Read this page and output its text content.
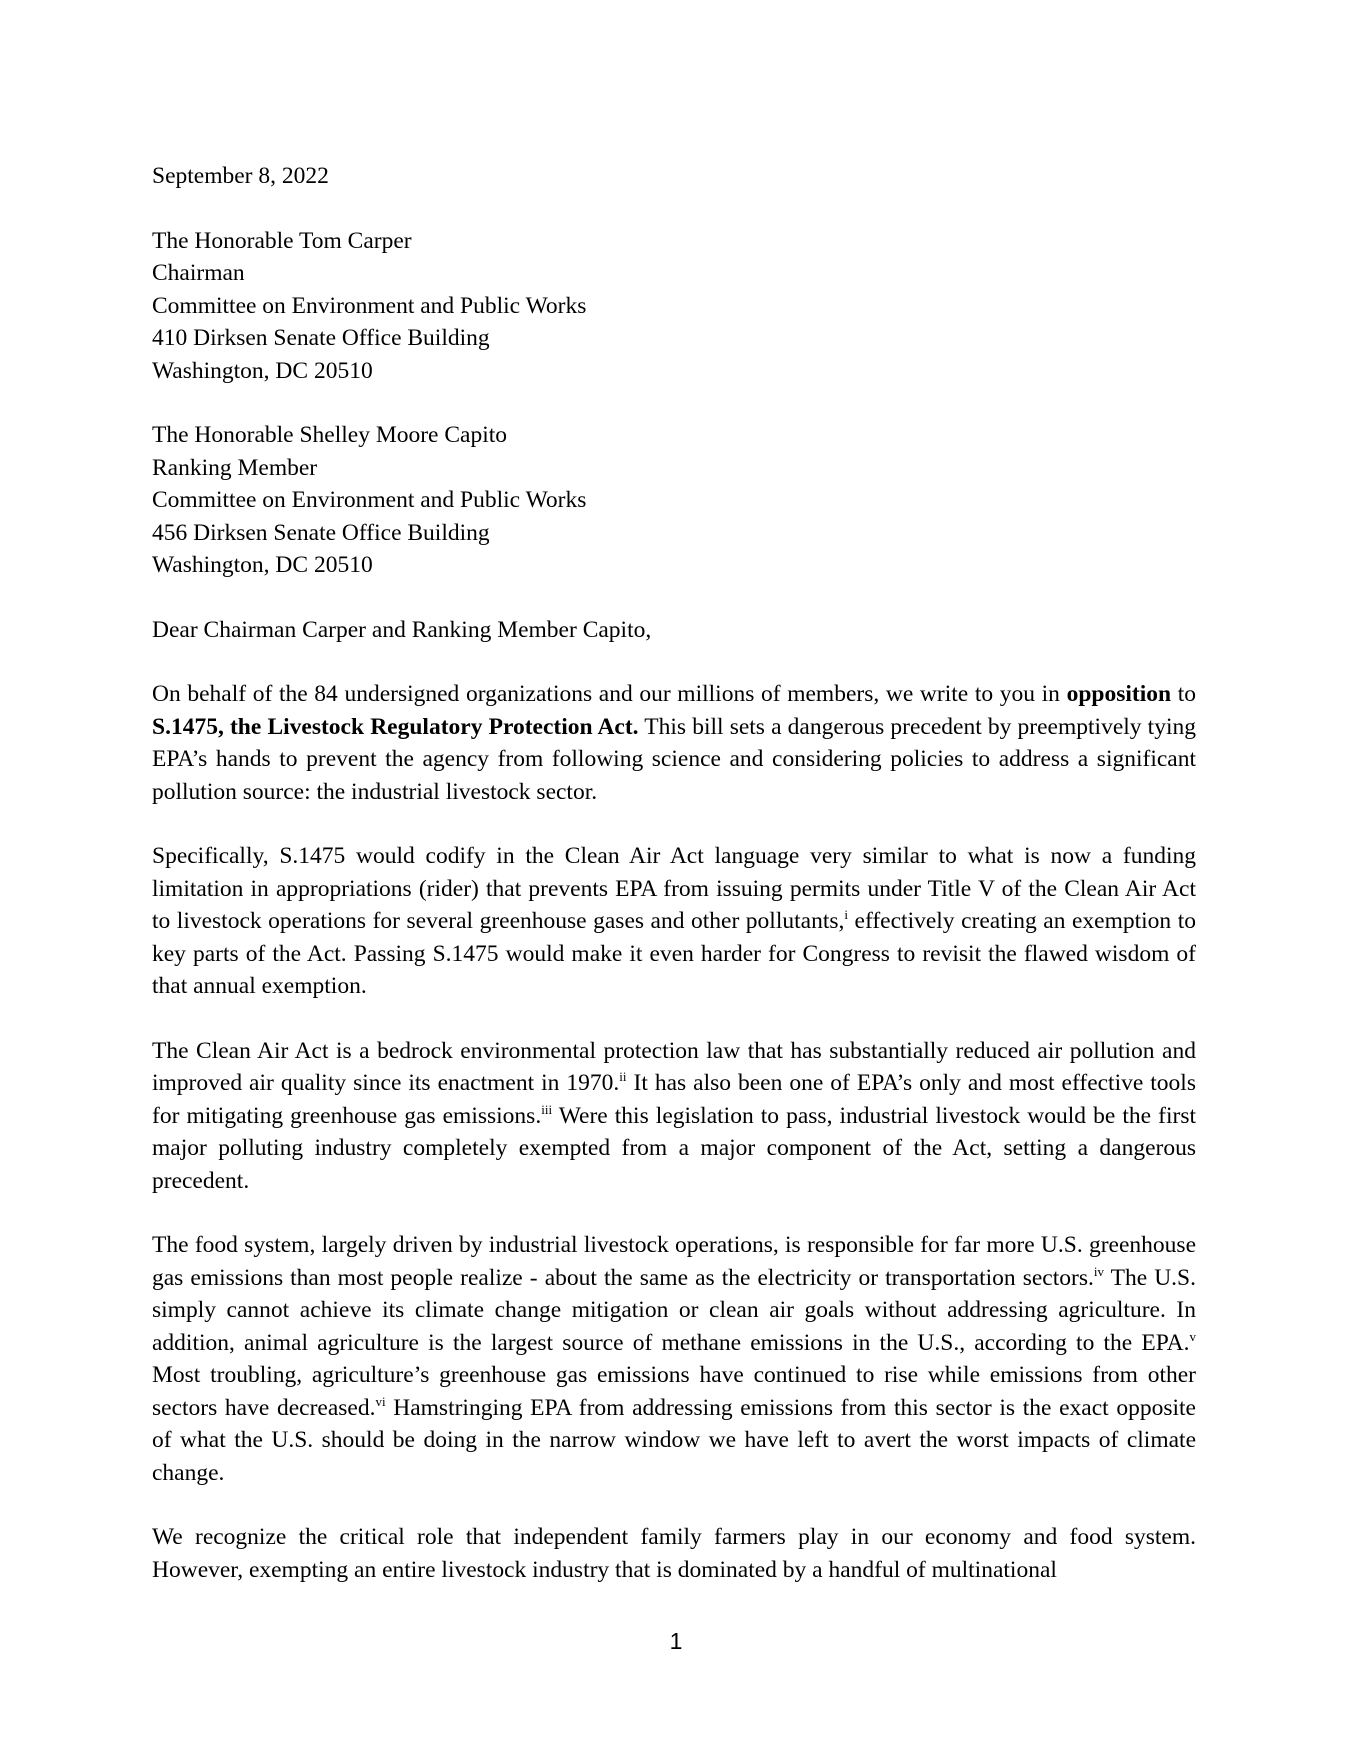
September 8, 2022
The Honorable Tom Carper
Chairman
Committee on Environment and Public Works
410 Dirksen Senate Office Building
Washington, DC 20510
The Honorable Shelley Moore Capito
Ranking Member
Committee on Environment and Public Works
456 Dirksen Senate Office Building
Washington, DC 20510
Dear Chairman Carper and Ranking Member Capito,

On behalf of the 84 undersigned organizations and our millions of members, we write to you in opposition to S.1475, the Livestock Regulatory Protection Act. This bill sets a dangerous precedent by preemptively tying EPA’s hands to prevent the agency from following science and considering policies to address a significant pollution source: the industrial livestock sector.

Specifically, S.1475 would codify in the Clean Air Act language very similar to what is now a funding limitation in appropriations (rider) that prevents EPA from issuing permits under Title V of the Clean Air Act to livestock operations for several greenhouse gases and other pollutants,$^i$ effectively creating an exemption to key parts of the Act. Passing S.1475 would make it even harder for Congress to revisit the flawed wisdom of that annual exemption.

The Clean Air Act is a bedrock environmental protection law that has substantially reduced air pollution and improved air quality since its enactment in 1970.$^{ii}$ It has also been one of EPA’s only and most effective tools for mitigating greenhouse gas emissions.$^{iii}$ Were this legislation to pass, industrial livestock would be the first major polluting industry completely exempted from a major component of the Act, setting a dangerous precedent.

The food system, largely driven by industrial livestock operations, is responsible for far more U.S. greenhouse gas emissions than most people realize - about the same as the electricity or transportation sectors.$^{iv}$ The U.S. simply cannot achieve its climate change mitigation or clean air goals without addressing agriculture. In addition, animal agriculture is the largest source of methane emissions in the U.S., according to the EPA.$^v$ Most troubling, agriculture’s greenhouse gas emissions have continued to rise while emissions from other sectors have decreased.$^{vi}$ Hamstringing EPA from addressing emissions from this sector is the exact opposite of what the U.S. should be doing in the narrow window we have left to avert the worst impacts of climate change.

We recognize the critical role that independent family farmers play in our economy and food system. However, exempting an entire livestock industry that is dominated by a handful of multinational

1
